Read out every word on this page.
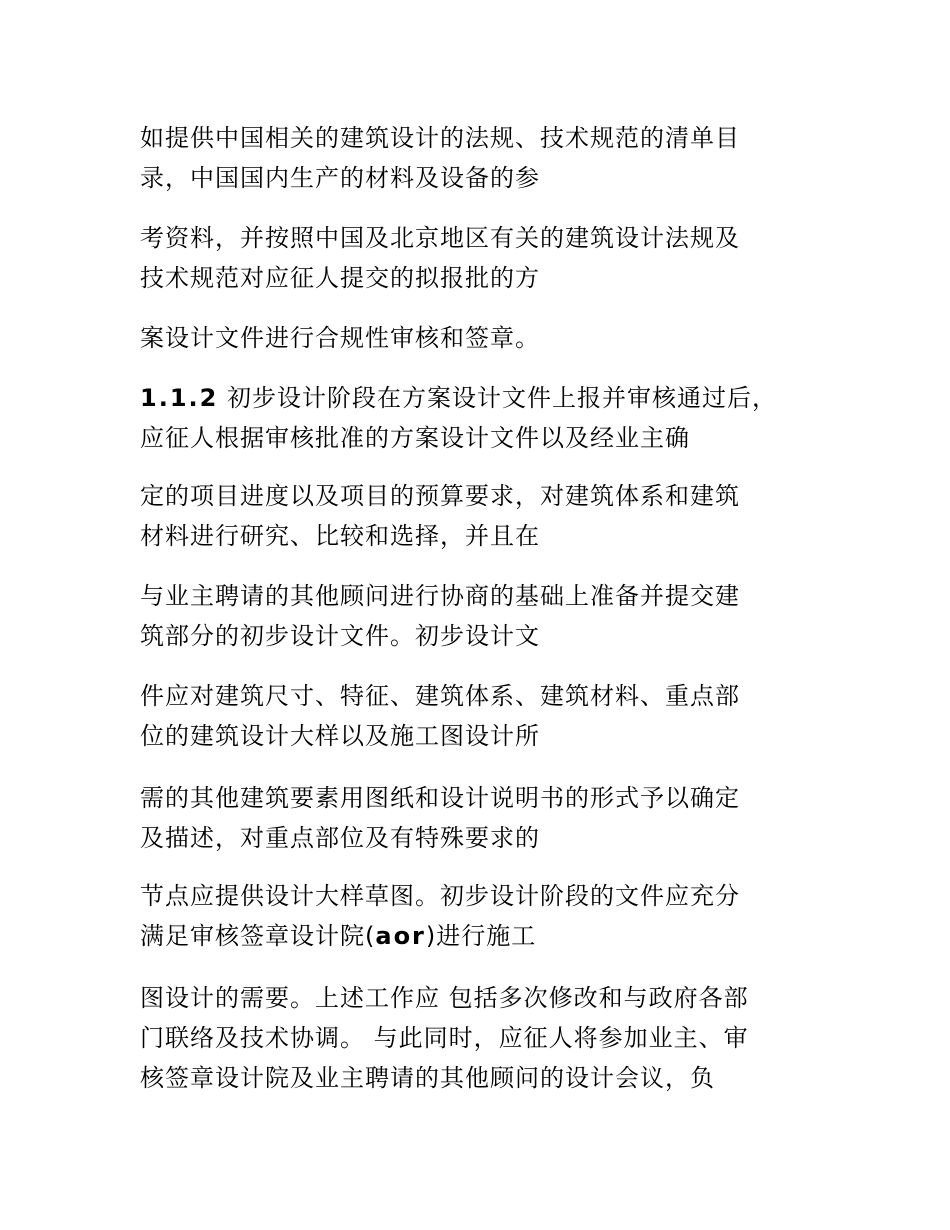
如提供中国相关的建筑设计的法规、技术规范的清单目
录，中国国内生产的材料及设备的参
考资料，并按照中国及北京地区有关的建筑设计法规及
技术规范对应征人提交的拟报批的方
案设计文件进行合规性审核和签章。
1.1.2 初步设计阶段在方案设计文件上报并审核通过后，
应征人根据审核批准的方案设计文件以及经业主确
定的项目进度以及项目的预算要求，对建筑体系和建筑
材料进行研究、比较和选择，并且在
与业主聘请的其他顾问进行协商的基础上准备并提交建
筑部分的初步设计文件。初步设计文
件应对建筑尺寸、特征、建筑体系、建筑材料、重点部
位的建筑设计大样以及施工图设计所
需的其他建筑要素用图纸和设计说明书的形式予以确定
及描述，对重点部位及有特殊要求的
节点应提供设计大样草图。初步设计阶段的文件应充分
满足审核签章设计院(aor)进行施工
图设计的需要。上述工作应 包括多次修改和与政府各部
门联络及技术协调。 与此同时，应征人将参加业主、审
核签章设计院及业主聘请的其他顾问的设计会议，负
